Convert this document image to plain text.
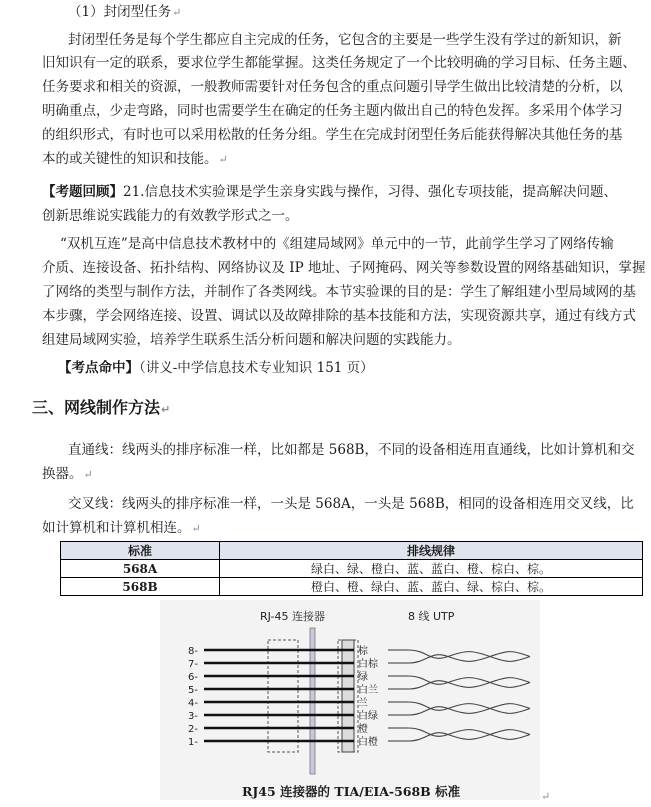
（1）封闭型任务↵
封闭型任务是每个学生都应自主完成的任务，它包含的主要是一些学生没有学过的新知识，新
旧知识有一定的联系，要求位学生都能掌握。这类任务规定了一个比较明确的学习目标、任务主题、
任务要求和相关的资源，一般教师需要针对任务包含的重点问题引导学生做出比较清楚的分析，以
明确重点，少走弯路，同时也需要学生在确定的任务主题内做出自己的特色发挥。多采用个体学习
的组织形式，有时也可以采用松散的任务分组。学生在完成封闭型任务后能获得解决其他任务的基
本的或关键性的知识和技能。↵
【考题回顾】21.信息技术实验课是学生亲身实践与操作，习得、强化专项技能，提高解决问题、
创新思维说实践能力的有效教学形式之一。
“双机互连”是高中信息技术教材中的《组建局域网》单元中的一节，此前学生学习了网络传输
介质、连接设备、拓扑结构、网络协议及 IP 地址、子网掩码、网关等参数设置的网络基础知识，掌握
了网络的类型与制作方法，并制作了各类网线。本节实验课的目的是：学生了解组建小型局域网的基
本步骤，学会网络连接、设置、调试以及故障排除的基本技能和方法，实现资源共享，通过有线方式
组建局域网实验，培养学生联系生活分析问题和解决问题的实践能力。
【考点命中】（讲义-中学信息技术专业知识 151 页）
三、网线制作方法↵
直通线：线两头的排序标准一样，比如都是 568B，不同的设备相连用直通线，比如计算机和交
换器。↵
交叉线：线两头的排序标准一样，一头是 568A，一头是 568B，相同的设备相连用交叉线，比
如计算机和计算机相连。↵
标准	排线规律
568A	绿白、绿、橙白、蓝、蓝白、橙、棕白、棕。
568B	橙白、橙、绿白、蓝、蓝白、绿、棕白、棕。
RJ-45 连接器	8 线 UTP
8-
7-
6-
5-
4-
3-
2-
1-
棕
白棕
绿
白兰
兰
白绿
橙
白橙
RJ45 连接器的 TIA/EIA-568B 标准	↵
